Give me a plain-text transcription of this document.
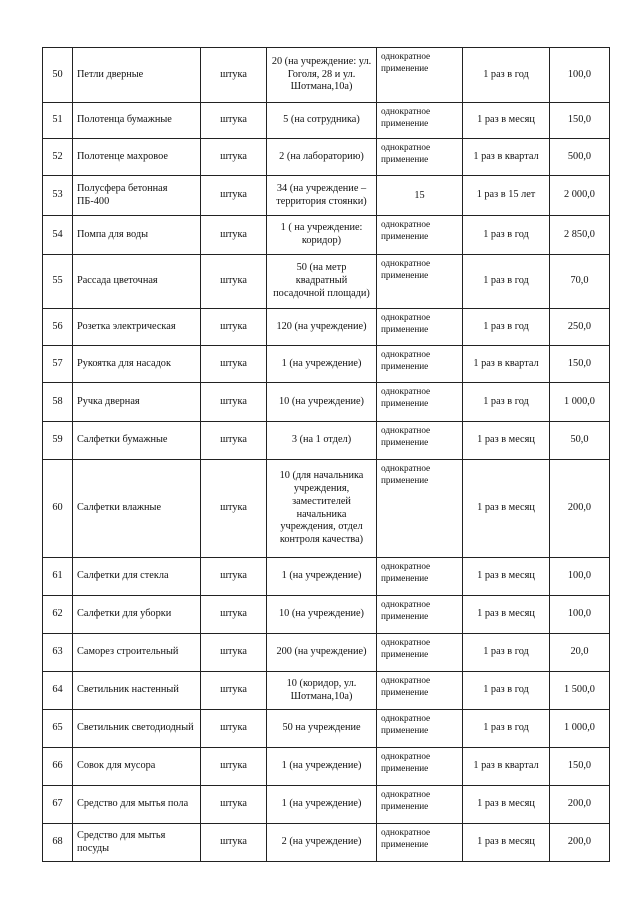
50	Петли дверные	штука	20 (на учреждение: ул. Гоголя, 28 и ул. Шотмана,10а)	однократное применение	1 раз в год	100,0
51	Полотенца бумажные	штука	5 (на сотрудника)	однократное применение	1 раз в месяц	150,0
52	Полотенце махровое	штука	2 (на лабораторию)	однократное применение	1 раз в квартал	500,0
53	Полусфера бетонная ПБ-400	штука	34 (на учреждение – территория стоянки)	15	1 раз в 15 лет	2 000,0
54	Помпа для воды	штука	1 ( на учреждение: коридор)	однократное применение	1 раз в год	2 850,0
55	Рассада цветочная	штука	50 (на метр квадратный посадочной площади)	однократное применение	1 раз в год	70,0
56	Розетка электрическая	штука	120 (на учреждение)	однократное применение	1 раз в год	250,0
57	Рукоятка для насадок	штука	1 (на учреждение)	однократное применение	1 раз в квартал	150,0
58	Ручка дверная	штука	10 (на учреждение)	однократное применение	1 раз в год	1 000,0
59	Салфетки бумажные	штука	3 (на 1 отдел)	однократное применение	1 раз в месяц	50,0
60	Салфетки влажные	штука	10 (для начальника учреждения, заместителей начальника учреждения, отдел контроля качества)	однократное применение	1 раз в месяц	200,0
61	Салфетки для стекла	штука	1 (на учреждение)	однократное применение	1 раз в месяц	100,0
62	Салфетки для уборки	штука	10 (на учреждение)	однократное применение	1 раз в месяц	100,0
63	Саморез строительный	штука	200 (на учреждение)	однократное применение	1 раз в год	20,0
64	Светильник настенный	штука	10 (коридор, ул. Шотмана,10а)	однократное применение	1 раз в год	1 500,0
65	Светильник светодиодный	штука	50 на учреждение	однократное применение	1 раз в год	1 000,0
66	Совок для мусора	штука	1 (на учреждение)	однократное применение	1 раз в квартал	150,0
67	Средство для мытья пола	штука	1 (на учреждение)	однократное применение	1 раз в месяц	200,0
68	Средство для мытья посуды	штука	2 (на учреждение)	однократное применение	1 раз в месяц	200,0
